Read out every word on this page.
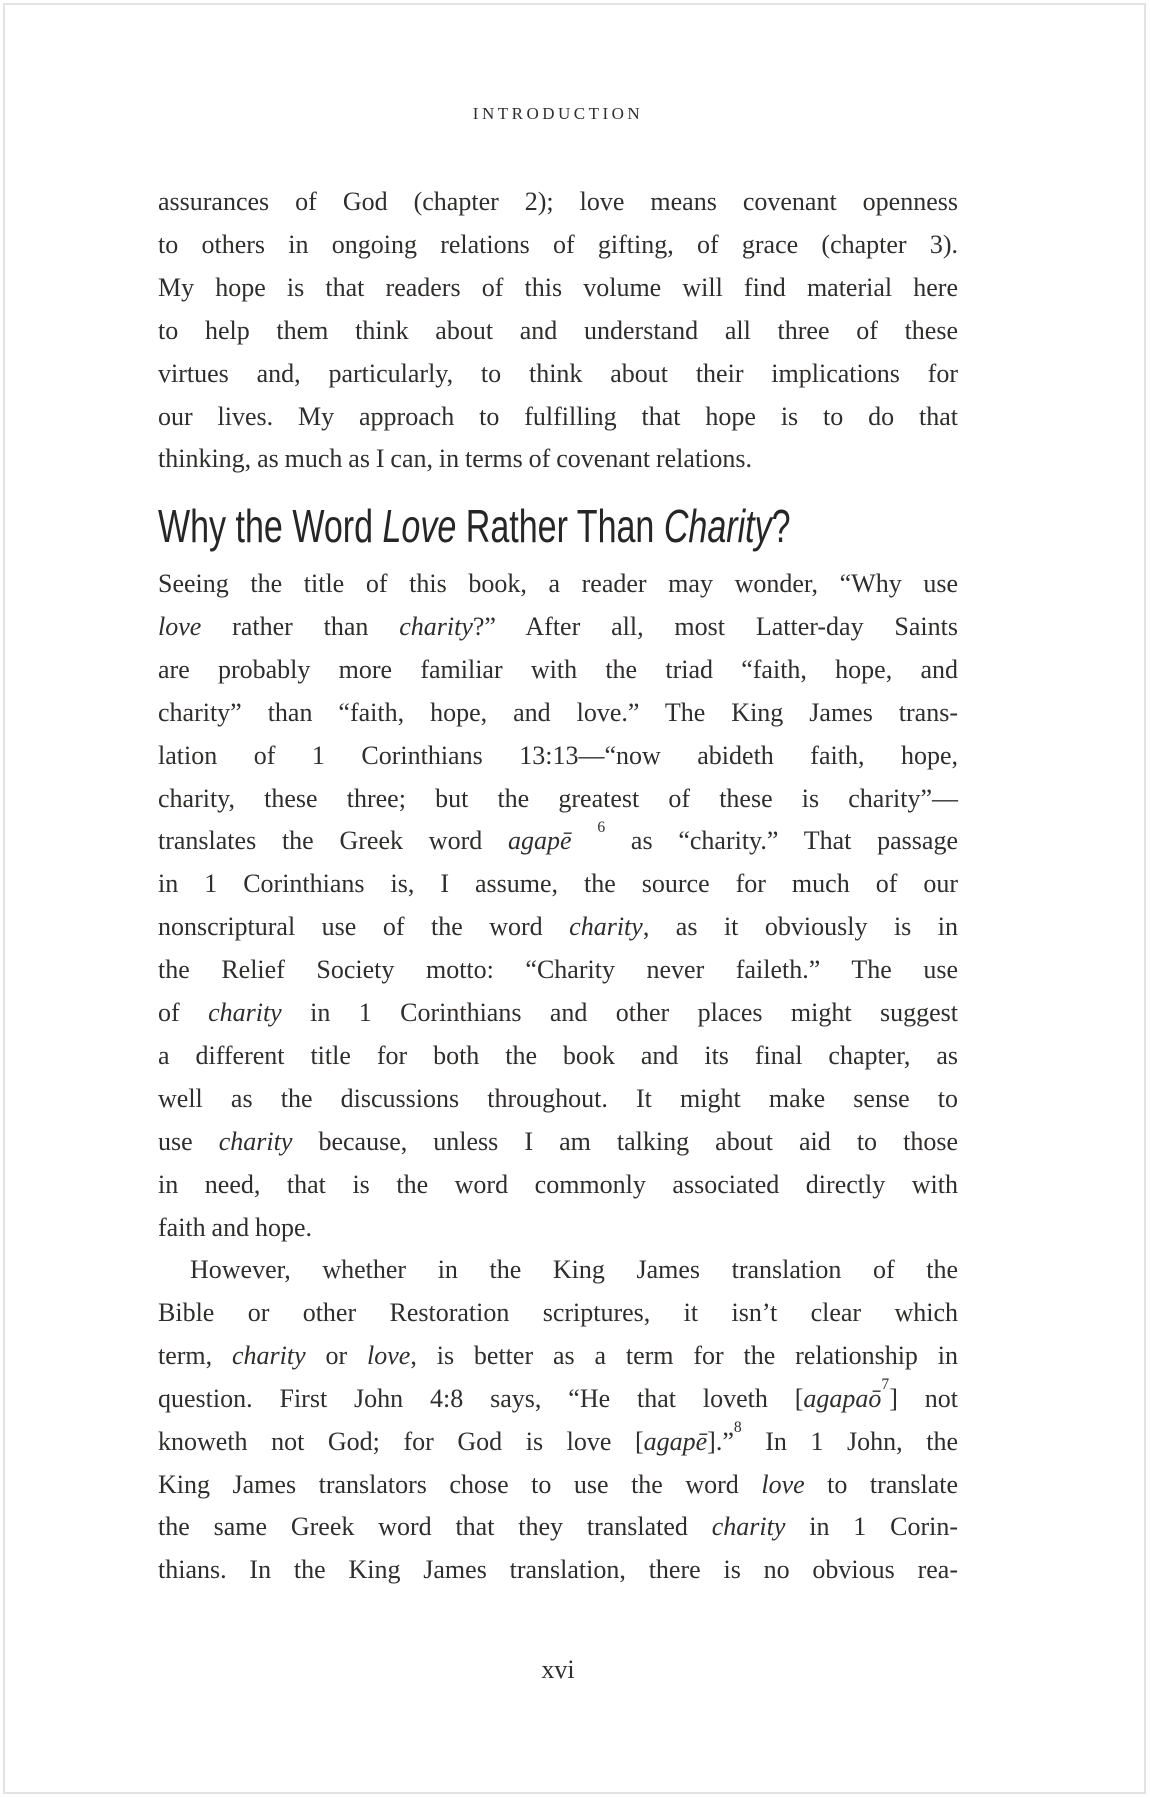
INTRODUCTION
assurances of God (chapter 2); love means covenant openness
to others in ongoing relations of gifting, of grace (chapter 3).
My hope is that readers of this volume will find material here
to help them think about and understand all three of these
virtues and, particularly, to think about their implications for
our lives. My approach to fulfilling that hope is to do that
thinking, as much as I can, in terms of covenant relations.
Why the Word Love Rather Than Charity?
Seeing the title of this book, a reader may wonder, “Why use
love rather than charity?” After all, most Latter-day Saints
are probably more familiar with the triad “faith, hope, and
charity” than “faith, hope, and love.” The King James trans-
lation of 1 Corinthians 13:13—“now abideth faith, hope,
charity, these three; but the greatest of these is charity”—
translates the Greek word agapē $^6$ as “charity.” That passage
in 1 Corinthians is, I assume, the source for much of our
nonscriptural use of the word charity, as it obviously is in
the Relief Society motto: “Charity never faileth.” The use
of charity in 1 Corinthians and other places might suggest
a different title for both the book and its final chapter, as
well as the discussions throughout. It might make sense to
use charity because, unless I am talking about aid to those
in need, that is the word commonly associated directly with
faith and hope.
However, whether in the King James translation of the
Bible or other Restoration scriptures, it isn’t clear which
term, charity or love, is better as a term for the relationship in
question. First John 4:8 says, “He that loveth [agapaō$^7$] not
knoweth not God; for God is love [agapē].”$^8$ In 1 John, the
King James translators chose to use the word love to translate
the same Greek word that they translated charity in 1 Corin-
thians. In the King James translation, there is no obvious rea-
xvi
